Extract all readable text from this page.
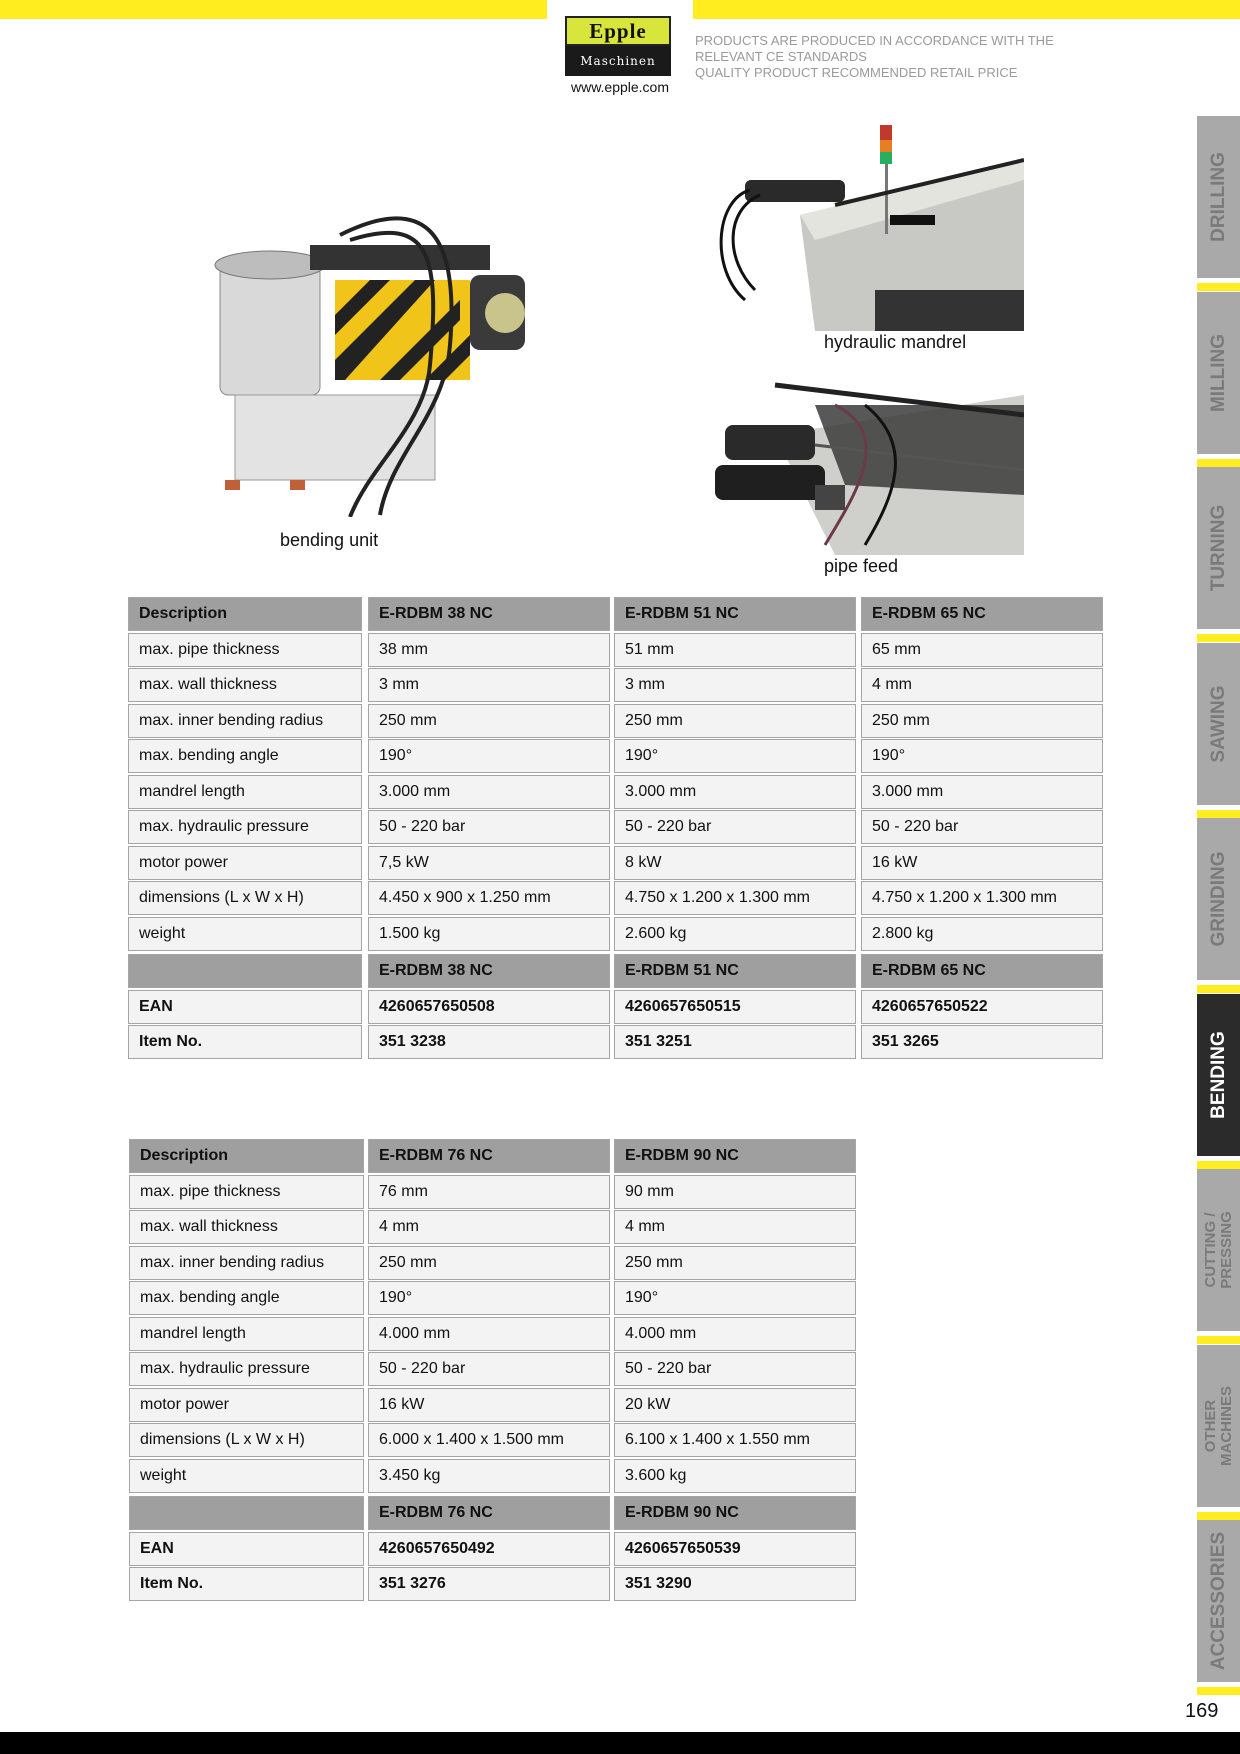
Epple
Maschinen
www.epple.com
PRODUCTS ARE PRODUCED IN ACCORDANCE WITH THE
RELEVANT CE STANDARDS
QUALITY PRODUCT RECOMMENDED RETAIL PRICE
bending unit
hydraulic mandrel
pipe feed
Description
max. pipe thickness
max. wall thickness
max. inner bending radius
max. bending angle
mandrel length
max. hydraulic pressure
motor power
dimensions (L x W x H)
weight
EAN
Item No.
E-RDBM 38 NC
38 mm
3 mm
250 mm
190°
3.000 mm
50 - 220 bar
7,5 kW
4.450 x 900 x 1.250 mm
1.500 kg
E-RDBM 38 NC
4260657650508
351 3238
E-RDBM 51 NC
51 mm
3 mm
250 mm
190°
3.000 mm
50 - 220 bar
8 kW
4.750 x 1.200 x 1.300 mm
2.600 kg
E-RDBM 51 NC
4260657650515
351 3251
E-RDBM 65 NC
65 mm
4 mm
250 mm
190°
3.000 mm
50 - 220 bar
16 kW
4.750 x 1.200 x 1.300 mm
2.800 kg
E-RDBM 65 NC
4260657650522
351 3265
Description
max. pipe thickness
max. wall thickness
max. inner bending radius
max. bending angle
mandrel length
max. hydraulic pressure
motor power
dimensions (L x W x H)
weight
EAN
Item No.
E-RDBM 76 NC
76 mm
4 mm
250 mm
190°
4.000 mm
50 - 220 bar
16 kW
6.000 x 1.400 x 1.500 mm
3.450 kg
E-RDBM 76 NC
4260657650492
351 3276
E-RDBM 90 NC
90 mm
4 mm
250 mm
190°
4.000 mm
50 - 220 bar
20 kW
6.100 x 1.400 x 1.550 mm
3.600 kg
E-RDBM 90 NC
4260657650539
351 3290
DRILLING
MILLING
TURNING
SAWING
GRINDING
BENDING
CUTTING /
PRESSING
OTHER
MACHINES
ACCESSORIES
169
